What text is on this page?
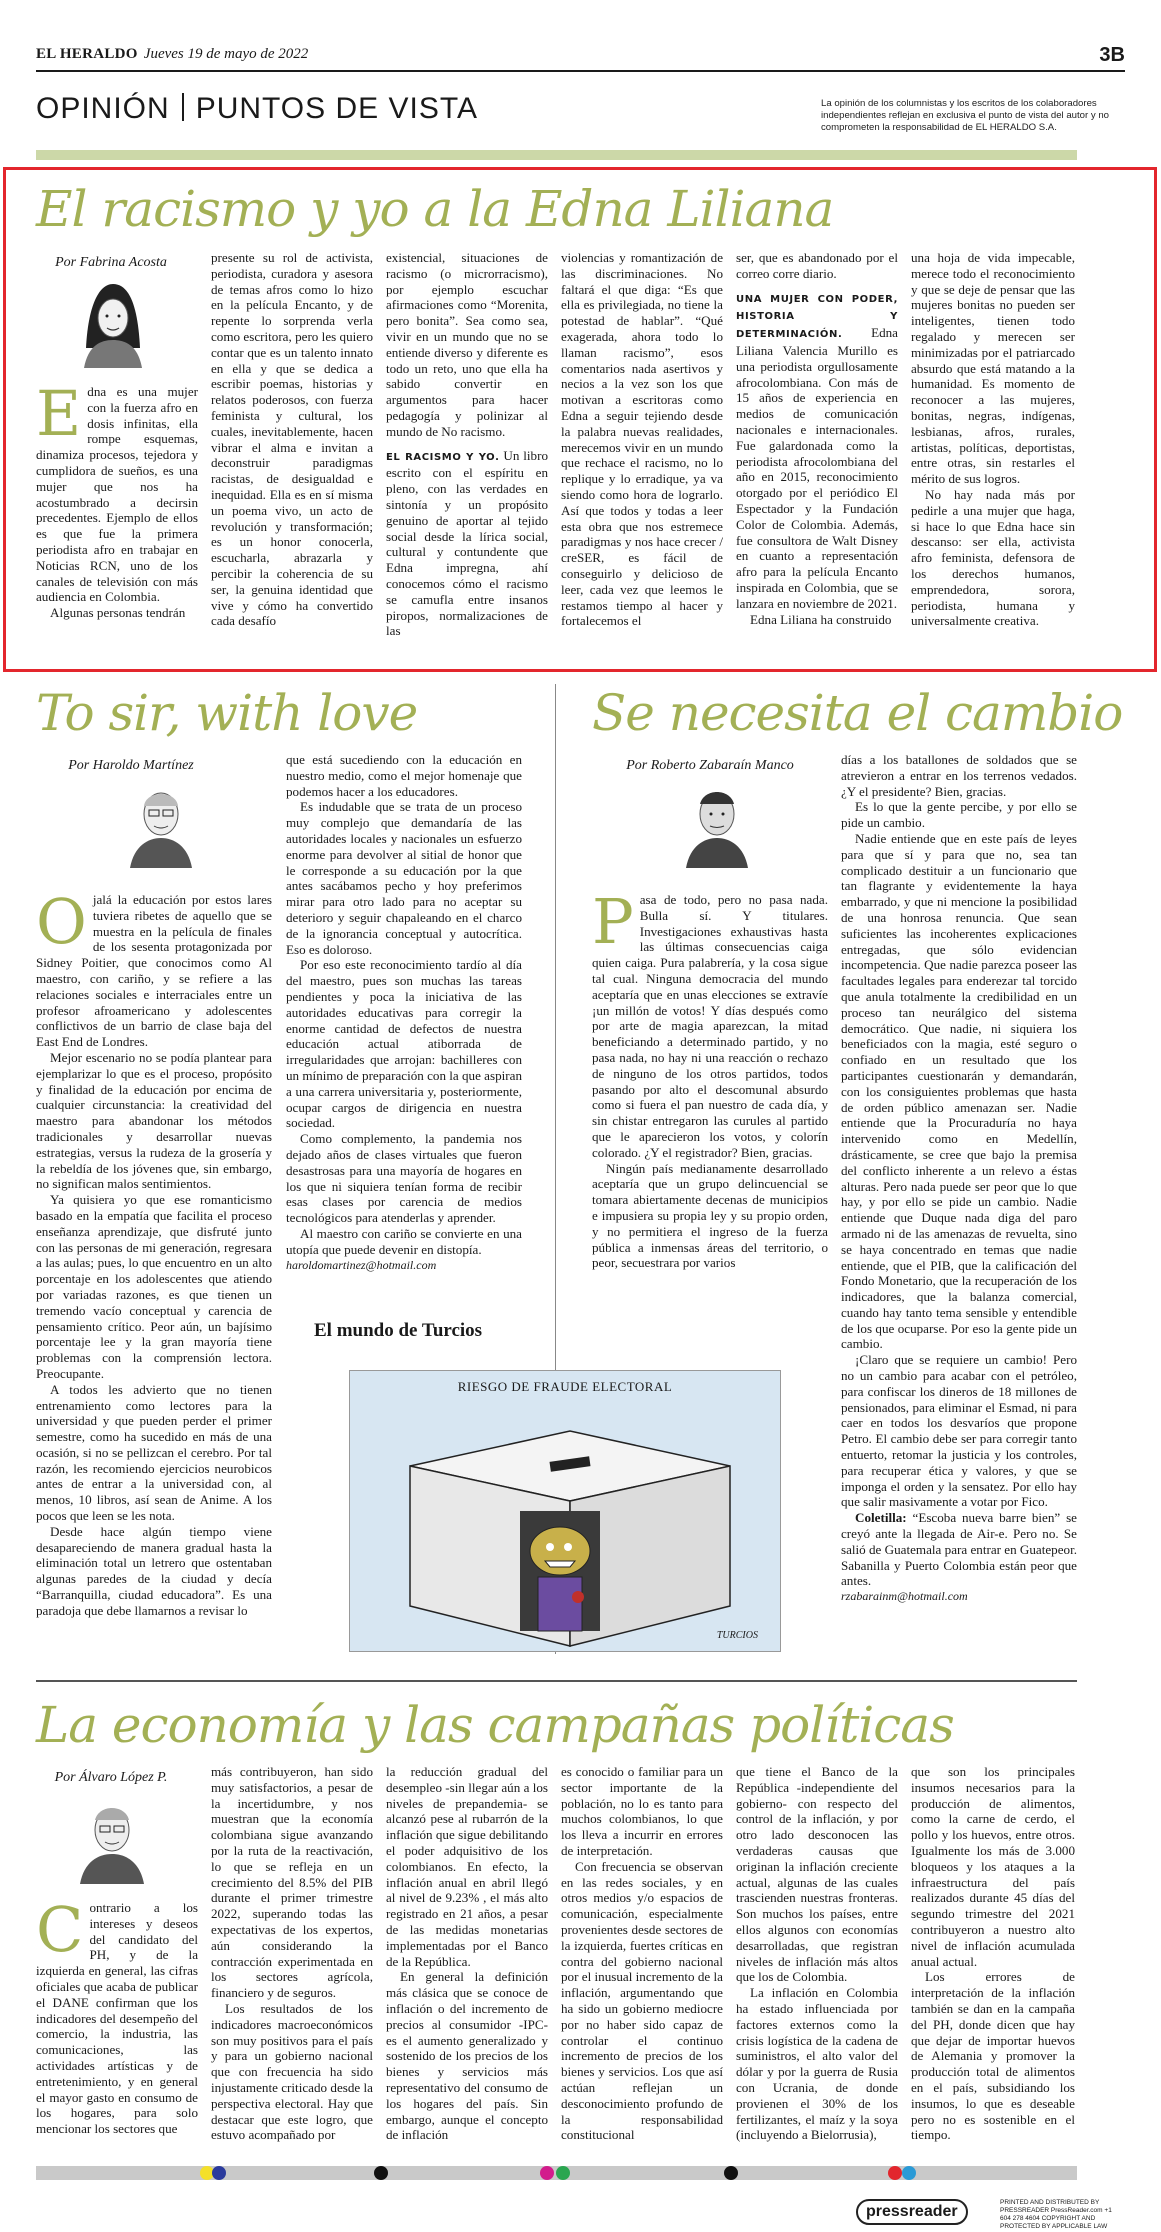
EL HERALDO Jueves 19 de mayo de 2022	3B
OPINIÓN PUNTOS DE VISTA	La opinión de los columnistas y los escritos de los colaboradores independientes reflejan en exclusiva el punto de vista del autor y no comprometen la responsabilidad de EL HERALDO S.A.
El racismo y yo a la Edna Liliana
Por Fabrina Acosta

Edna es una mujer con la fuerza afro en dosis infinitas, ella rompe esquemas, dinamiza procesos, tejedora y cumplidora de sueños, es una mujer que nos ha acostumbrado a decirsin precedentes. Ejemplo de ellos es que fue la primera periodista afro en trabajar en Noticias RCN, uno de los canales de televisión con más audiencia en Colombia.

Algunas personas tendrán

presente su rol de activista, periodista, curadora y asesora de temas afros como lo hizo en la película Encanto, y de repente lo sorprenda verla como escritora, pero les quiero contar que es un talento innato en ella y que se dedica a escribir poemas, historias y relatos poderosos, con fuerza feminista y cultural, los cuales, inevitablemente, hacen vibrar el alma e invitan a deconstruir paradigmas racistas, de desigualdad e inequidad. Ella es en sí misma un poema vivo, un acto de revolución y transformación; es un honor conocerla, escucharla, abrazarla y percibir la coherencia de su ser, la genuina identidad que vive y cómo ha convertido cada desafío

existencial, situaciones de racismo (o microrracismo), por ejemplo escuchar afirmaciones como “Morenita, pero bonita”. Sea como sea, vivir en un mundo que no se entiende diverso y diferente es todo un reto, uno que ella ha sabido convertir en argumentos para hacer pedagogía y polinizar al mundo de No racismo.

EL RACISMO Y YO. Un libro escrito con el espíritu en pleno, con las verdades en sintonía y un propósito genuino de aportar al tejido social desde la lírica social, cultural y contundente que Edna impregna, ahí conocemos cómo el racismo se camufla entre insanos piropos, normalizaciones de las

violencias y romantización de las discriminaciones. No faltará el que diga: “Es que ella es privilegiada, no tiene la potestad de hablar”. “Qué exagerada, ahora todo lo llaman racismo”, esos comentarios nada asertivos y necios a la vez son los que motivan a escritoras como Edna a seguir tejiendo desde la palabra nuevas realidades, merecemos vivir en un mundo que rechace el racismo, no lo replique y lo erradique, ya va siendo como hora de lograrlo. Así que todos y todas a leer esta obra que nos estremece paradigmas y nos hace crecer / creSER, es fácil de conseguirlo y delicioso de leer, cada vez que leemos le restamos tiempo al hacer y fortalecemos el

ser, que es abandonado por el correo corre diario.

UNA MUJER CON PODER, HISTORIA Y DETERMINACIÓN. Edna Liliana Valencia Murillo es una periodista orgullosamente afrocolombiana. Con más de 15 años de experiencia en medios de comunicación nacionales e internacionales. Fue galardonada como la periodista afrocolombiana del año en 2015, reconocimiento otorgado por el periódico El Espectador y la Fundación Color de Colombia. Además, fue consultora de Walt Disney en cuanto a representación afro para la película Encanto inspirada en Colombia, que se lanzara en noviembre de 2021.

Edna Liliana ha construido

una hoja de vida impecable, merece todo el reconocimiento y que se deje de pensar que las mujeres bonitas no pueden ser inteligentes, tienen todo regalado y merecen ser minimizadas por el patriarcado absurdo que está matando a la humanidad. Es momento de reconocer a las mujeres, bonitas, negras, indígenas, lesbianas, afros, rurales, artistas, políticas, deportistas, entre otras, sin restarles el mérito de sus logros.

No hay nada más por pedirle a una mujer que haga, si hace lo que Edna hace sin descanso: ser ella, activista afro feminista, defensora de los derechos humanos, emprendedora, sorora, periodista, humana y universalmente creativa.

To sir, with love
Por Haroldo Martínez

Ojalá la educación por estos lares tuviera ribetes de aquello que se muestra en la película de finales de los sesenta protagonizada por Sidney Poitier, que conocimos como Al maestro, con cariño, y se refiere a las relaciones sociales e interraciales entre un profesor afroamericano y adolescentes conflictivos de un barrio de clase baja del East End de Londres.

Mejor escenario no se podía plantear para ejemplarizar lo que es el proceso, propósito y finalidad de la educación por encima de cualquier circunstancia: la creatividad del maestro para abandonar los métodos tradicionales y desarrollar nuevas estrategias, versus la rudeza de la grosería y la rebeldía de los jóvenes que, sin embargo, no significan malos sentimientos.

Ya quisiera yo que ese romanticismo basado en la empatía que facilita el proceso enseñanza aprendizaje, que disfruté junto con las personas de mi generación, regresara a las aulas; pues, lo que encuentro en un alto porcentaje en los adolescentes que atiendo por variadas razones, es que tienen un tremendo vacío conceptual y carencia de pensamiento crítico. Peor aún, un bajísimo porcentaje lee y la gran mayoría tiene problemas con la comprensión lectora. Preocupante.

A todos les advierto que no tienen entrenamiento como lectores para la universidad y que pueden perder el primer semestre, como ha sucedido en más de una ocasión, si no se pellizcan el cerebro. Por tal razón, les recomiendo ejercicios neurobicos antes de entrar a la universidad con, al menos, 10 libros, así sean de Anime. A los pocos que leen se les nota.

Desde hace algún tiempo viene desapareciendo de manera gradual hasta la eliminación total un letrero que ostentaban algunas paredes de la ciudad y decía “Barranquilla, ciudad educadora”. Es una paradoja que debe llamarnos a revisar lo

que está sucediendo con la educación en nuestro medio, como el mejor homenaje que podemos hacer a los educadores.

Es indudable que se trata de un proceso muy complejo que demandaría de las autoridades locales y nacionales un esfuerzo enorme para devolver al sitial de honor que le corresponde a su educación por la que antes sacábamos pecho y hoy preferimos mirar para otro lado para no aceptar su deterioro y seguir chapaleando en el charco de la ignorancia conceptual y autocrítica. Eso es doloroso.

Por eso este reconocimiento tardío al día del maestro, pues son muchas las tareas pendientes y poca la iniciativa de las autoridades educativas para corregir la enorme cantidad de defectos de nuestra educación actual atiborrada de irregularidades que arrojan: bachilleres con un mínimo de preparación con la que aspiran a una carrera universitaria y, posteriormente, ocupar cargos de dirigencia en nuestra sociedad.

Como complemento, la pandemia nos dejado años de clases virtuales que fueron desastrosas para una mayoría de hogares en los que ni siquiera tenían forma de recibir esas clases por carencia de medios tecnológicos para atenderlas y aprender.

Al maestro con cariño se convierte en una utopía que puede devenir en distopía.

haroldomartinez@hotmail.com

Se necesita el cambio
Por Roberto Zabaraín Manco

Pasa de todo, pero no pasa nada. Bulla sí. Y titulares. Investigaciones exhaustivas hasta las últimas consecuencias caiga quien caiga. Pura palabrería, y la cosa sigue tal cual. Ninguna democracia del mundo aceptaría que en unas elecciones se extravíe ¡un millón de votos! Y días después como por arte de magia aparezcan, la mitad beneficiando a determinado partido, y no pasa nada, no hay ni una reacción o rechazo de ninguno de los otros partidos, todos pasando por alto el descomunal absurdo como si fuera el pan nuestro de cada día, y sin chistar entregaron las curules al partido que le aparecieron los votos, y colorín colorado. ¿Y el registrador? Bien, gracias.

Ningún país medianamente desarrollado aceptaría que un grupo delincuencial se tomara abiertamente decenas de municipios e impusiera su propia ley y su propio orden, y no permitiera el ingreso de la fuerza pública a inmensas áreas del territorio, o peor, secuestrara por varios

días a los batallones de soldados que se atrevieron a entrar en los terrenos vedados. ¿Y el presidente? Bien, gracias.

Es lo que la gente percibe, y por ello se pide un cambio.

Nadie entiende que en este país de leyes para que sí y para que no, sea tan complicado destituir a un funcionario que tan flagrante y evidentemente la haya embarrado, y que ni mencione la posibilidad de una honrosa renuncia. Que sean suficientes las incoherentes explicaciones entregadas, que sólo evidencian incompetencia. Que nadie parezca poseer las facultades legales para enderezar tal torcido que anula totalmente la credibilidad en un proceso tan neurálgico del sistema democrático. Que nadie, ni siquiera los beneficiados con la magia, esté seguro o confiado en un resultado que los participantes cuestionarán y demandarán, con los consiguientes problemas que hasta de orden público amenazan ser. Nadie entiende que la Procuraduría no haya intervenido como en Medellín, drásticamente, se cree que bajo la premisa del conflicto inherente a un relevo a éstas alturas. Pero nada puede ser peor que lo que hay, y por ello se pide un cambio. Nadie entiende que Duque nada diga del paro armado ni de las amenazas de revuelta, sino se haya concentrado en temas que nadie entiende, que el PIB, que la calificación del Fondo Monetario, que la recuperación de los indicadores, que la balanza comercial, cuando hay tanto tema sensible y entendible de los que ocuparse. Por eso la gente pide un cambio.

¡Claro que se requiere un cambio! Pero no un cambio para acabar con el petróleo, para confiscar los dineros de 18 millones de pensionados, para eliminar el Esmad, ni para caer en todos los desvaríos que propone Petro. El cambio debe ser para corregir tanto entuerto, retomar la justicia y los controles, para recuperar ética y valores, y que se imponga el orden y la sensatez. Por ello hay que salir masivamente a votar por Fico.

Coletilla: “Escoba nueva barre bien” se creyó ante la llegada de Air-e. Pero no. Se salió de Guatemala para entrar en Guatepeor. Sabanilla y Puerto Colombia están peor que antes.

rzabarainm@hotmail.com

El mundo de Turcios
RIESGO DE FRAUDE ELECTORAL
TURCIOS
La economía y las campañas políticas
Por Álvaro López P.

Contrario a los intereses y deseos del candidato del PH, y de la izquierda en general, las cifras oficiales que acaba de publicar el DANE confirman que los indicadores del desempeño del comercio, la industria, las comunicaciones, las actividades artísticas y de entretenimiento, y en general el mayor gasto en consumo de los hogares, para solo mencionar los sectores que

más contribuyeron, han sido muy satisfactorios, a pesar de la incertidumbre, y nos muestran que la economía colombiana sigue avanzando por la ruta de la reactivación, lo que se refleja en un crecimiento del 8.5% del PIB durante el primer trimestre 2022, superando todas las expectativas de los expertos, aún considerando la contracción experimentada en los sectores agrícola, financiero y de seguros.

Los resultados de los indicadores macroeconómicos son muy positivos para el país y para un gobierno nacional que con frecuencia ha sido injustamente criticado desde la perspectiva electoral. Hay que destacar que este logro, que estuvo acompañado por

la reducción gradual del desempleo -sin llegar aún a los niveles de prepandemia- se alcanzó pese al rubarrón de la inflación que sigue debilitando el poder adquisitivo de los colombianos. En efecto, la inflación anual en abril llegó al nivel de 9.23% , el más alto registrado en 21 años, a pesar de las medidas monetarias implementadas por el Banco de la República.

En general la definición más clásica que se conoce de inflación o del incremento de precios al consumidor -IPC- es el aumento generalizado y sostenido de los precios de los bienes y servicios más representativo del consumo de los hogares del país. Sin embargo, aunque el concepto de inflación

es conocido o familiar para un sector importante de la población, no lo es tanto para muchos colombianos, lo que los lleva a incurrir en errores de interpretación.

Con frecuencia se observan en las redes sociales, y en otros medios y/o espacios de comunicación, especialmente provenientes desde sectores de la izquierda, fuertes críticas en contra del gobierno nacional por el inusual incremento de la inflación, argumentando que ha sido un gobierno mediocre por no haber sido capaz de controlar el continuo incremento de precios de los bienes y servicios. Los que así actúan reflejan un desconocimiento profundo de la responsabilidad constitucional

que tiene el Banco de la República -independiente del gobierno- con respecto del control de la inflación, y por otro lado desconocen las verdaderas causas que originan la inflación creciente actual, algunas de las cuales trascienden nuestras fronteras. Son muchos los países, entre ellos algunos con economías desarrolladas, que registran niveles de inflación más altos que los de Colombia.

La inflación en Colombia ha estado influenciada por factores externos como la crisis logística de la cadena de suministros, el alto valor del dólar y por la guerra de Rusia con Ucrania, de donde provienen el 30% de los fertilizantes, el maíz y la soya (incluyendo a Bielorrusia),

que son los principales insumos necesarios para la producción de alimentos, como la carne de cerdo, el pollo y los huevos, entre otros. Igualmente los más de 3.000 bloqueos y los ataques a la infraestructura del país realizados durante 45 días del segundo trimestre del 2021 contribuyeron a nuestro alto nivel de inflación acumulada anual actual.

Los errores de interpretación de la inflación también se dan en la campaña del PH, donde dicen que hay que dejar de importar huevos de Alemania y promover la producción total de alimentos en el país, subsidiando los insumos, lo que es deseable pero no es sostenible en el tiempo.

pressreader
PRINTED AND DISTRIBUTED BY PRESSREADER PressReader.com +1 604 278 4604 COPYRIGHT AND PROTECTED BY APPLICABLE LAW
